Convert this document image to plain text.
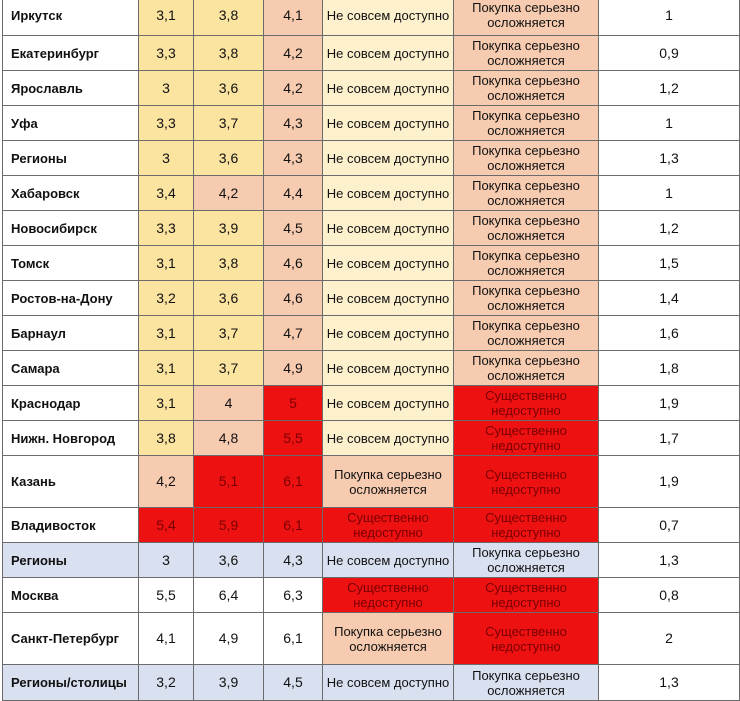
Иркутск	3,1	3,8	4,1	Не совсем доступно	Покупка серьезно осложняется	1
Екатеринбург	3,3	3,8	4,2	Не совсем доступно	Покупка серьезно осложняется	0,9
Ярославль	3	3,6	4,2	Не совсем доступно	Покупка серьезно осложняется	1,2
Уфа	3,3	3,7	4,3	Не совсем доступно	Покупка серьезно осложняется	1
Регионы	3	3,6	4,3	Не совсем доступно	Покупка серьезно осложняется	1,3
Хабаровск	3,4	4,2	4,4	Не совсем доступно	Покупка серьезно осложняется	1
Новосибирск	3,3	3,9	4,5	Не совсем доступно	Покупка серьезно осложняется	1,2
Томск	3,1	3,8	4,6	Не совсем доступно	Покупка серьезно осложняется	1,5
Ростов-на-Дону	3,2	3,6	4,6	Не совсем доступно	Покупка серьезно осложняется	1,4
Барнаул	3,1	3,7	4,7	Не совсем доступно	Покупка серьезно осложняется	1,6
Самара	3,1	3,7	4,9	Не совсем доступно	Покупка серьезно осложняется	1,8
Краснодар	3,1	4	5	Не совсем доступно	Существенно недоступно	1,9
Нижн. Новгород	3,8	4,8	5,5	Не совсем доступно	Существенно недоступно	1,7
Казань	4,2	5,1	6,1	Покупка серьезно осложняется	Существенно недоступно	1,9
Владивосток	5,4	5,9	6,1	Существенно недоступно	Существенно недоступно	0,7
Регионы	3	3,6	4,3	Не совсем доступно	Покупка серьезно осложняется	1,3
Москва	5,5	6,4	6,3	Существенно недоступно	Существенно недоступно	0,8
Санкт-Петербург	4,1	4,9	6,1	Покупка серьезно осложняется	Существенно недоступно	2
Регионы/столицы	3,2	3,9	4,5	Не совсем доступно	Покупка серьезно осложняется	1,3
